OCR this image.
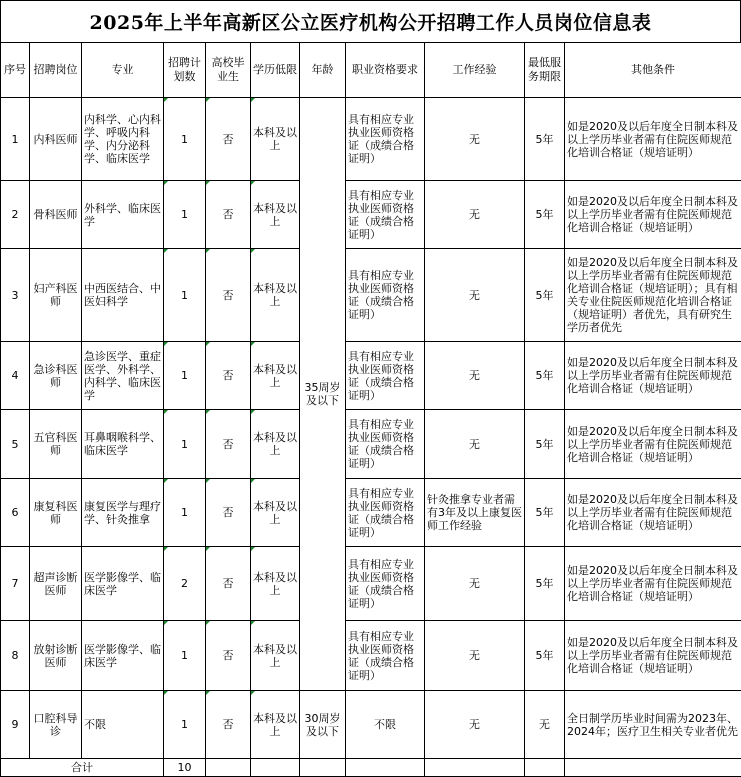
2025年上半年高新区公立医疗机构公开招聘工作人员岗位信息表
序号	招聘岗位	专业	招聘计划数	高校毕业生	学历低限	年龄	职业资格要求	工作经验	最低服务期限	其他条件
1	内科医师	内科学、心内科学、呼吸内科学、内分泌科学、临床医学	1	否	本科及以上	35周岁及以下	具有相应专业执业医师资格证（成绩合格证明）	无	5年	如是2020及以后年度全日制本科及以上学历毕业者需有住院医师规范化培训合格证（规培证明）
2	骨科医师	外科学、临床医学	1	否	本科及以上		具有相应专业执业医师资格证（成绩合格证明）	无	5年	如是2020及以后年度全日制本科及以上学历毕业者需有住院医师规范化培训合格证（规培证明）
3	妇产科医师	中西医结合、中医妇科学	1	否	本科及以上		具有相应专业执业医师资格证（成绩合格证明）	无	5年	如是2020及以后年度全日制本科及以上学历毕业者需有住院医师规范化培训合格证（规培证明）；具有相关专业住院医师规范化培训合格证（规培证明）者优先，具有研究生学历者优先
4	急诊科医师	急诊医学、重症医学、外科学、内科学、临床医学	1	否	本科及以上		具有相应专业执业医师资格证（成绩合格证明）	无	5年	如是2020及以后年度全日制本科及以上学历毕业者需有住院医师规范化培训合格证（规培证明）
5	五官科医师	耳鼻咽喉科学、临床医学	1	否	本科及以上		具有相应专业执业医师资格证（成绩合格证明）	无	5年	如是2020及以后年度全日制本科及以上学历毕业者需有住院医师规范化培训合格证（规培证明）
6	康复科医师	康复医学与理疗学、针灸推拿	1	否	本科及以上		具有相应专业执业医师资格证（成绩合格证明）	针灸推拿专业者需有3年及以上康复医师工作经验	5年	如是2020及以后年度全日制本科及以上学历毕业者需有住院医师规范化培训合格证（规培证明）
7	超声诊断医师	医学影像学、临床医学	2	否	本科及以上		具有相应专业执业医师资格证（成绩合格证明）	无	5年	如是2020及以后年度全日制本科及以上学历毕业者需有住院医师规范化培训合格证（规培证明）
8	放射诊断医师	医学影像学、临床医学	1	否	本科及以上		具有相应专业执业医师资格证（成绩合格证明）	无	5年	如是2020及以后年度全日制本科及以上学历毕业者需有住院医师规范化培训合格证（规培证明）
9	口腔科导诊	不限	1	否	本科及以上	30周岁及以下	不限	无	无	全日制学历毕业时间需为2023年、2024年；医疗卫生相关专业者优先
合计			10							
